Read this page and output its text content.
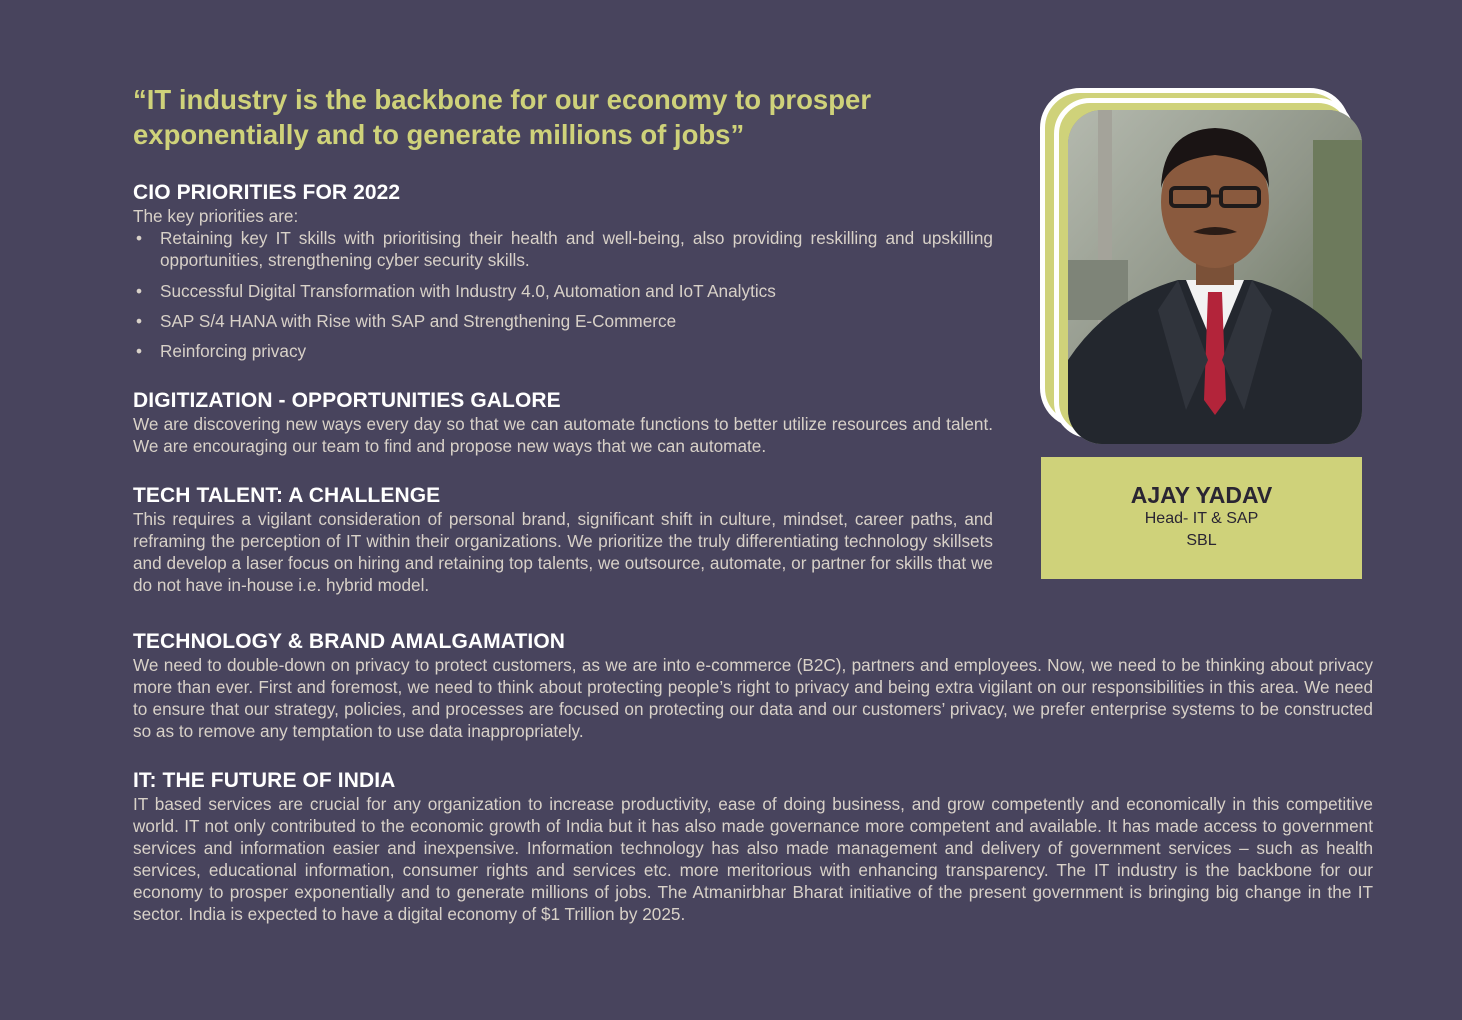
“IT industry is the backbone for our economy to prosper exponentially and to generate millions of jobs”

CIO PRIORITIES FOR 2022

The key priorities are:

• Retaining key IT skills with prioritising their health and well-being, also providing reskilling and upskilling opportunities, strengthening cyber security skills.
• Successful Digital Transformation with Industry 4.0, Automation and IoT Analytics
• SAP S/4 HANA with Rise with SAP and Strengthening E-Commerce
• Reinforcing privacy
DIGITIZATION - OPPORTUNITIES GALORE

We are discovering new ways every day so that we can automate functions to better utilize resources and talent. We are encouraging our team to find and propose new ways that we can automate.

TECH TALENT: A CHALLENGE

This requires a vigilant consideration of personal brand, significant shift in culture, mindset, career paths, and reframing the perception of IT within their organizations. We prioritize the truly differentiating technology skillsets and develop a laser focus on hiring and retaining top talents, we outsource, automate, or partner for skills that we do not have in-house i.e. hybrid model.

TECHNOLOGY & BRAND AMALGAMATION

We need to double-down on privacy to protect customers, as we are into e-commerce (B2C), partners and employees. Now, we need to be thinking about privacy more than ever. First and foremost, we need to think about protecting people’s right to privacy and being extra vigilant on our responsibilities in this area. We need to ensure that our strategy, policies, and processes are focused on protecting our data and our customers’ privacy, we prefer enterprise systems to be constructed so as to remove any temptation to use data inappropriately.

IT: THE FUTURE OF INDIA

IT based services are crucial for any organization to increase productivity, ease of doing business, and grow competently and economically in this competitive world. IT not only contributed to the economic growth of India but it has also made governance more competent and available. It has made access to government services and information easier and inexpensive. Information technology has also made management and delivery of government services – such as health services, educational information, consumer rights and services etc. more meritorious with enhancing transparency. The IT industry is the backbone for our economy to prosper exponentially and to generate millions of jobs. The Atmanirbhar Bharat initiative of the present government is bringing big change in the IT sector. India is expected to have a digital economy of $1 Trillion by 2025.

AJAY YADAV
Head- IT & SAP
SBL
